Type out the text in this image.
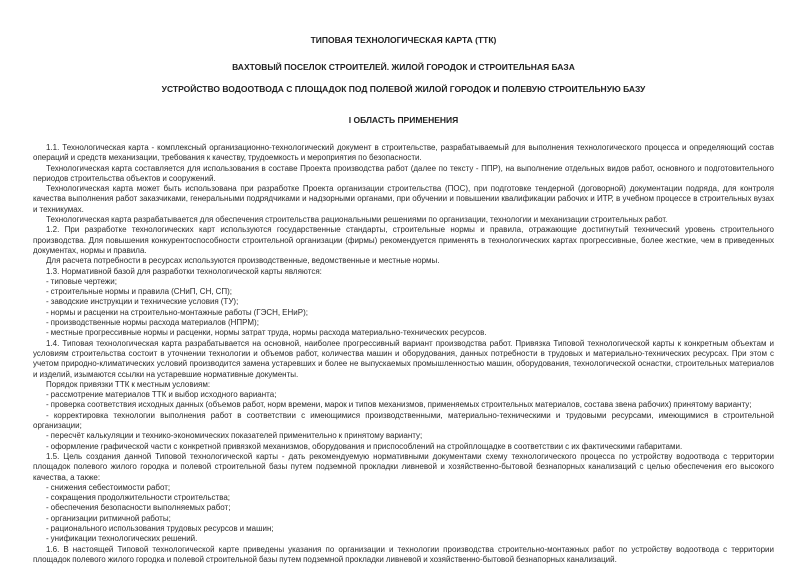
ТИПОВАЯ ТЕХНОЛОГИЧЕСКАЯ КАРТА (ТТК)

ВАХТОВЫЙ ПОСЕЛОК СТРОИТЕЛЕЙ. ЖИЛОЙ ГОРОДОК И СТРОИТЕЛЬНАЯ БАЗА

УСТРОЙСТВО ВОДООТВОДА С ПЛОЩАДОК ПОД ПОЛЕВОЙ ЖИЛОЙ ГОРОДОК И ПОЛЕВУЮ СТРОИТЕЛЬНУЮ БАЗУ

I ОБЛАСТЬ ПРИМЕНЕНИЯ

1.1. Технологическая карта - комплексный организационно-технологический документ в строительстве, разрабатываемый для выполнения технологического процесса и определяющий состав операций и средств механизации, требования к качеству, трудоемкость и мероприятия по безопасности.

Технологическая карта составляется для использования в составе Проекта производства работ (далее по тексту - ППР), на выполнение отдельных видов работ, основного и подготовительного периодов строительства объектов и сооружений.

Технологическая карта может быть использована при разработке Проекта организации строительства (ПОС), при подготовке тендерной (договорной) документации подряда, для контроля качества выполнения работ заказчиками, генеральными подрядчиками и надзорными органами, при обучении и повышении квалификации рабочих и ИТР, в учебном процессе в строительных вузах и техникумах.

Технологическая карта разрабатывается для обеспечения строительства рациональными решениями по организации, технологии и механизации строительных работ.

1.2. При разработке технологических карт используются государственные стандарты, строительные нормы и правила, отражающие достигнутый технический уровень строительного производства. Для повышения конкурентоспособности строительной организации (фирмы) рекомендуется применять в технологических картах прогрессивные, более жесткие, чем в приведенных документах, нормы и правила.

Для расчета потребности в ресурсах используются производственные, ведомственные и местные нормы.

1.3. Нормативной базой для разработки технологической карты являются:

- типовые чертежи;

- строительные нормы и правила (СНиП, СН, СП);

- заводские инструкции и технические условия (ТУ);

- нормы и расценки на строительно-монтажные работы (ГЭСН, ЕНиР);

- производственные нормы расхода материалов (НПРМ);

- местные прогрессивные нормы и расценки, нормы затрат труда, нормы расхода материально-технических ресурсов.

1.4. Типовая технологическая карта разрабатывается на основной, наиболее прогрессивный вариант производства работ. Привязка Типовой технологической карты к конкретным объектам и условиям строительства состоит в уточнении технологии и объемов работ, количества машин и оборудования, данных потребности в трудовых и материально-технических ресурсах. При этом с учетом природно-климатических условий производится замена устаревших и более не выпускаемых промышленностью машин, оборудования, технологической оснастки, строительных материалов и изделий, изымаются ссылки на устаревшие нормативные документы.

Порядок привязки ТТК к местным условиям:

- рассмотрение материалов ТТК и выбор исходного варианта;

- проверка соответствия исходных данных (объемов работ, норм времени, марок и типов механизмов, применяемых строительных материалов, состава звена рабочих) принятому варианту;

- корректировка технологии выполнения работ в соответствии с имеющимися производственными, материально-техническими и трудовыми ресурсами, имеющимися в строительной организации;

- пересчёт калькуляции и технико-экономических показателей применительно к принятому варианту;

- оформление графической части с конкретной привязкой механизмов, оборудования и приспособлений на стройплощадке в соответствии с их фактическими габаритами.

1.5. Цель создания данной Типовой технологической карты - дать рекомендуемую нормативными документами схему технологического процесса по устройству водоотвода с территории площадок полевого жилого городка и полевой строительной базы путем подземной прокладки ливневой и хозяйственно-бытовой безнапорных канализаций с целью обеспечения его высокого качества, а также:

- снижения себестоимости работ;

- сокращения продолжительности строительства;

- обеспечения безопасности выполняемых работ;

- организации ритмичной работы;

- рационального использования трудовых ресурсов и машин;

- унификации технологических решений.

1.6. В настоящей Типовой технологической карте приведены указания по организации и технологии производства строительно-монтажных работ по устройству водоотвода с территории площадок полевого жилого городка и полевой строительной базы путем подземной прокладки ливневой и хозяйственно-бытовой безнапорных канализаций.
